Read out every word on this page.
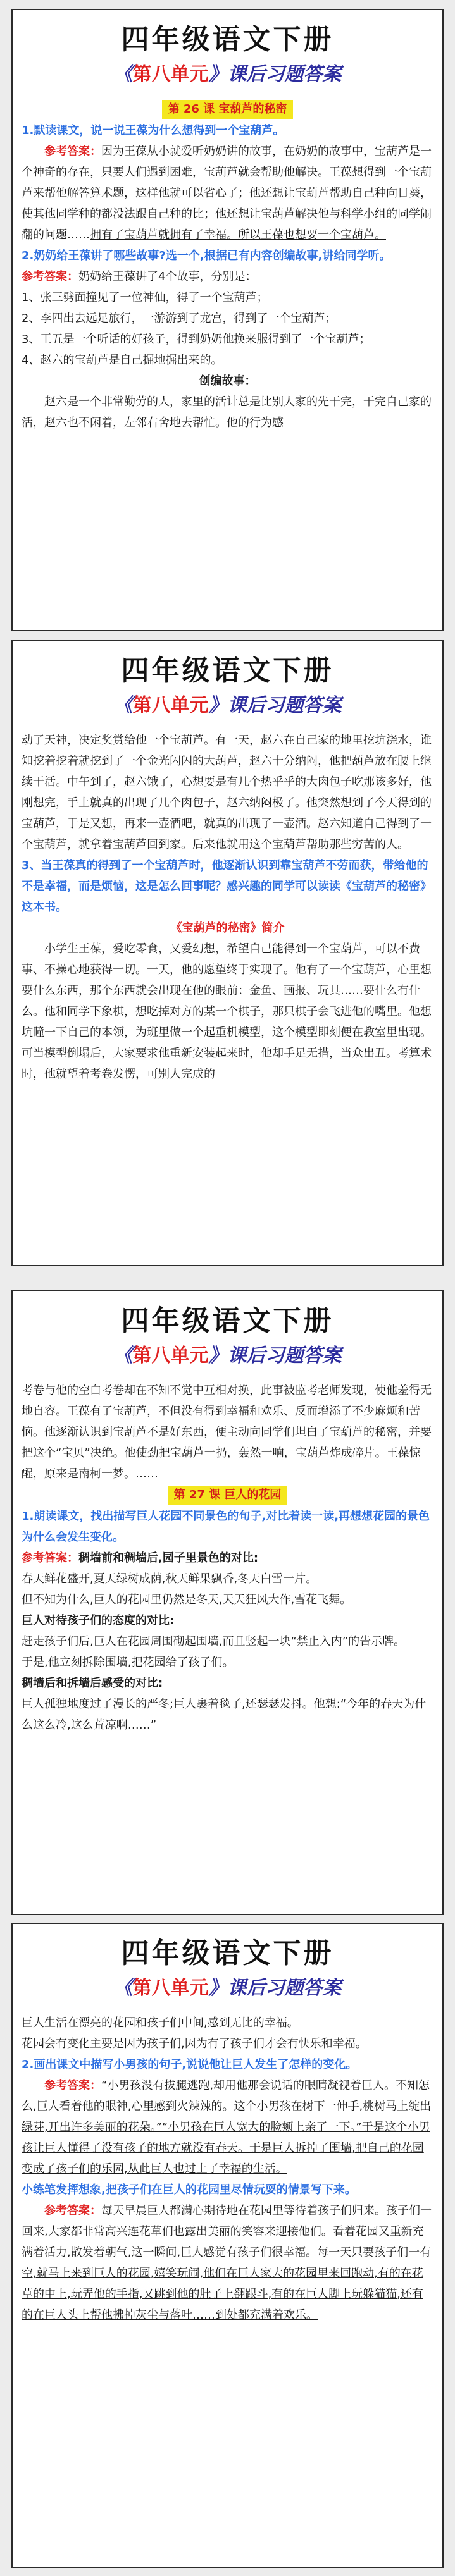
四年级语文下册
《第八单元》课后习题答案

第 26 课 宝葫芦的秘密

1.默读课文，说一说王葆为什么想得到一个宝葫芦。

参考答案：因为王葆从小就爱听奶奶讲的故事，在奶奶的故事中，宝葫芦是一个神奇的存在，只要人们遇到困难，宝葫芦就会帮助他解决。王葆想得到一个宝葫芦来帮他解答算术题，这样他就可以省心了；他还想让宝葫芦帮助自己种向日葵，使其他同学种的都没法跟自己种的比；他还想让宝葫芦解决他与科学小组的同学闹翻的问题……拥有了宝葫芦就拥有了幸福。所以王葆也想要一个宝葫芦。

2.奶奶给王葆讲了哪些故事?选一个,根据已有内容创编故事,讲给同学听。

参考答案：奶奶给王葆讲了4个故事，分别是：

1、张三劈面撞见了一位神仙，得了一个宝葫芦；

2、李四出去远足旅行，一游游到了龙宫，得到了一个宝葫芦；

3、王五是一个听话的好孩子，得到奶奶他换来服得到了一个宝葫芦；

4、赵六的宝葫芦是自己掘地掘出来的。

创编故事：

赵六是一个非常勤劳的人，家里的活计总是比别人家的先干完，干完自己家的活，赵六也不闲着，左邻右舍地去帮忙。他的行为感

四年级语文下册
《第八单元》课后习题答案

动了天神，决定奖赏给他一个宝葫芦。有一天，赵六在自己家的地里挖坑浇水，谁知挖着挖着就挖到了一个金光闪闪的大葫芦，赵六十分纳闷，他把葫芦放在腰上继续干活。中午到了，赵六饿了，心想要是有几个热乎乎的大肉包子吃那该多好，他刚想完，手上就真的出现了几个肉包子，赵六纳闷极了。他突然想到了今天得到的宝葫芦，于是又想，再来一壶酒吧，就真的出现了一壶酒。赵六知道自己得到了一个宝葫芦，就拿着宝葫芦回到家。后来他就用这个宝葫芦帮助那些穷苦的人。

3、当王葆真的得到了一个宝葫芦时，他逐渐认识到靠宝葫芦不劳而获，带给他的不是幸福，而是烦恼，这是怎么回事呢？感兴趣的同学可以读读《宝葫芦的秘密》这本书。

《宝葫芦的秘密》简介

小学生王葆，爱吃零食，又爱幻想，希望自己能得到一个宝葫芦，可以不费事、不操心地获得一切。一天，他的愿望终于实现了。他有了一个宝葫芦，心里想要什么东西，那个东西就会出现在他的眼前：金鱼、画报、玩具……要什么有什么。他和同学下象棋，想吃掉对方的某一个棋子，那只棋子会飞进他的嘴里。他想坑瞳一下自己的本领，为班里做一个起重机模型，这个模型即刻便在教室里出现。可当模型倒塌后，大家要求他重新安装起来时，他却手足无措，当众出丑。考算术时，他就望着考卷发愣，可别人完成的

四年级语文下册
《第八单元》课后习题答案

考卷与他的空白考卷却在不知不觉中互相对换，此事被监考老师发现，使他羞得无地自容。王葆有了宝葫芦，不但没有得到幸福和欢乐、反而增添了不少麻烦和苦恼。他逐渐认识到宝葫芦不是好东西，便主动向同学们坦白了宝葫芦的秘密，并要把这个“宝贝”决绝。他使劲把宝葫芦一扔，轰然一响，宝葫芦炸成碎片。王葆惊醒，原来是南柯一梦。……

第 27 课 巨人的花园

1.朗读课文，找出描写巨人花园不同景色的句子,对比着读一读,再想想花园的景色为什么会发生变化。

参考答案：稠墙前和稠墙后,园子里景色的对比:

春天鲜花盛开,夏天绿树成荫,秋天鲜果飘香,冬天白雪一片。

但不知为什么,巨人的花园里仍然是冬天,天天狂风大作,雪花飞舞。

巨人对待孩子们的态度的对比:

赶走孩子们后,巨人在花园周围砌起围墙,而且竖起一块“禁止入内”的告示牌。

于是,他立刻拆除围墙,把花园给了孩子们。

稠墙后和拆墙后感受的对比:

巨人孤独地度过了漫长的严冬;巨人裹着毯子,还瑟瑟发抖。他想:“今年的春天为什么这么冷,这么荒凉啊……”

四年级语文下册
《第八单元》课后习题答案

巨人生活在漂亮的花园和孩子们中间,感到无比的幸福。

花园会有变化主要是因为孩子们,因为有了孩子们才会有快乐和幸福。

2.画出课文中描写小男孩的句子,说说他让巨人发生了怎样的变化。

参考答案：“小男孩没有拔腿逃跑,却用他那会说话的眼睛凝视着巨人。不知怎么,巨人看着他的眼神,心里感到火辣辣的。这个小男孩在树下一伸手,桃树马上绽出绿芽,开出许多美丽的花朵。”“小男孩在巨人宽大的脸颊上亲了一下。”于是这个小男孩让巨人懂得了没有孩子的地方就没有春天。于是巨人拆掉了围墙,把自己的花园变成了孩子们的乐园,从此巨人也过上了幸福的生活。

小练笔发挥想象,把孩子们在巨人的花园里尽情玩耍的情景写下来。

参考答案：每天早晨巨人都满心期待地在花园里等待着孩子们归来。孩子们一回来,大家都非常高兴连花草们也露出美丽的笑容来迎接他们。看着花园又重新充满着活力,散发着朝气,这一瞬间,巨人感觉有孩子们很幸福。每一天只要孩子们一有空,就马上来到巨人的花园,嬉笑玩闹,他们在巨人家大的花园里来回跑动,有的在花草的中上,玩弄他的手指,又跳到他的肚子上翻跟斗,有的在巨人脚上玩躲猫猫,还有的在巨人头上帮他拂掉灰尘与落叶……到处都充满着欢乐。
